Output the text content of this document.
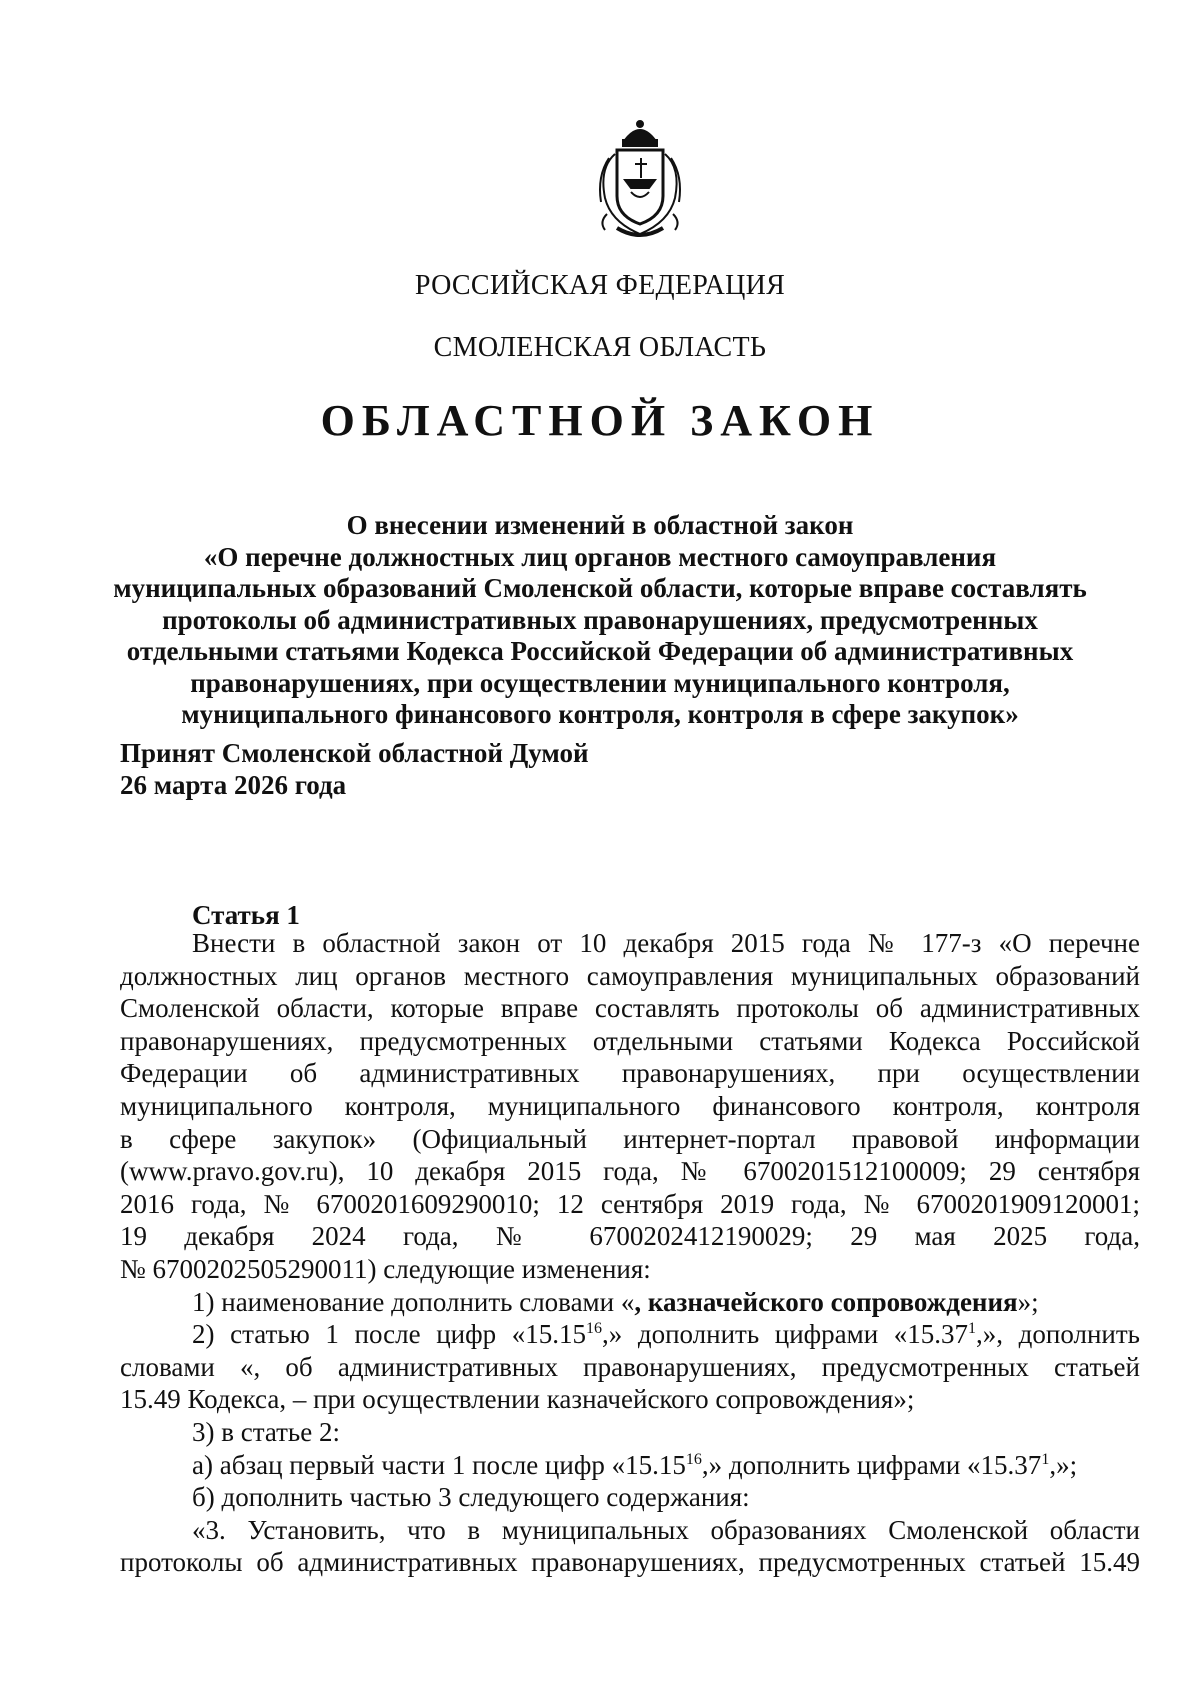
РОССИЙСКАЯ ФЕДЕРАЦИЯ
СМОЛЕНСКАЯ ОБЛАСТЬ
ОБЛАСТНОЙ ЗАКОН
О внесении изменений в областной закон
«О перечне должностных лиц органов местного самоуправления
муниципальных образований Смоленской области, которые вправе составлять
протоколы об административных правонарушениях, предусмотренных
отдельными статьями Кодекса Российской Федерации об административных
правонарушениях, при осуществлении муниципального контроля,
муниципального финансового контроля, контроля в сфере закупок»
Принят Смоленской областной Думой
26 марта 2026 года
Статья 1
Внести в областной закон от 10 декабря 2015 года № 177-з «О перечне
должностных лиц органов местного самоуправления муниципальных образований
Смоленской области, которые вправе составлять протоколы об административных
правонарушениях, предусмотренных отдельными статьями Кодекса Российской
Федерации об административных правонарушениях, при осуществлении
муниципального контроля, муниципального финансового контроля, контроля
в сфере закупок» (Официальный интернет-портал правовой информации
(www.pravo.gov.ru), 10 декабря 2015 года, № 6700201512100009; 29 сентября
2016 года, № 6700201609290010; 12 сентября 2019 года, № 6700201909120001;
19 декабря 2024 года, № 6700202412190029; 29 мая 2025 года,
№ 6700202505290011) следующие изменения:
1) наименование дополнить словами «, казначейского сопровождения»;
2) статью 1 после цифр «15.15$^{16}$,» дополнить цифрами «15.37$^1$,», дополнить
словами «, об административных правонарушениях, предусмотренных статьей
15.49 Кодекса, – при осуществлении казначейского сопровождения»;
3) в статье 2:
а) абзац первый части 1 после цифр «15.15$^{16}$,» дополнить цифрами «15.37$^1$,»;
б) дополнить частью 3 следующего содержания:
«3. Установить, что в муниципальных образованиях Смоленской области
протоколы об административных правонарушениях, предусмотренных статьей 15.49
